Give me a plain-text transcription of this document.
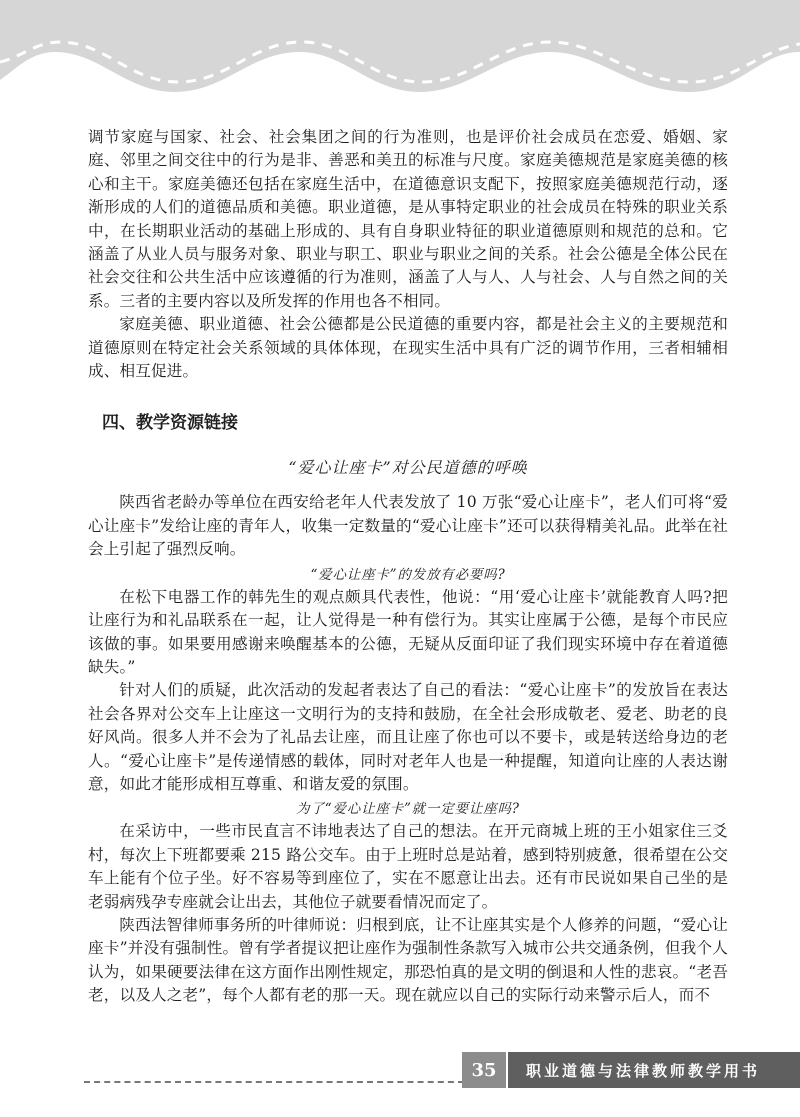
调节家庭与国家、社会、社会集团之间的行为准则，也是评价社会成员在恋爱、婚姻、家庭、邻里之间交往中的行为是非、善恶和美丑的标准与尺度。家庭美德规范是家庭美德的核心和主干。家庭美德还包括在家庭生活中，在道德意识支配下，按照家庭美德规范行动，逐渐形成的人们的道德品质和美德。职业道德，是从事特定职业的社会成员在特殊的职业关系中，在长期职业活动的基础上形成的、具有自身职业特征的职业道德原则和规范的总和。它涵盖了从业人员与服务对象、职业与职工、职业与职业之间的关系。社会公德是全体公民在社会交往和公共生活中应该遵循的行为准则，涵盖了人与人、人与社会、人与自然之间的关系。三者的主要内容以及所发挥的作用也各不相同。

家庭美德、职业道德、社会公德都是公民道德的重要内容，都是社会主义的主要规范和道德原则在特定社会关系领域的具体体现，在现实生活中具有广泛的调节作用，三者相辅相成、相互促进。

四、教学资源链接
“爱心让座卡”对公民道德的呼唤

陕西省老龄办等单位在西安给老年人代表发放了 10 万张“爱心让座卡”，老人们可将“爱心让座卡”发给让座的青年人，收集一定数量的“爱心让座卡”还可以获得精美礼品。此举在社会上引起了强烈反响。

“爱心让座卡”的发放有必要吗?

在松下电器工作的韩先生的观点颇具代表性，他说：“用‘爱心让座卡’就能教育人吗?把让座行为和礼品联系在一起，让人觉得是一种有偿行为。其实让座属于公德，是每个市民应该做的事。如果要用感谢来唤醒基本的公德，无疑从反面印证了我们现实环境中存在着道德缺失。”

针对人们的质疑，此次活动的发起者表达了自己的看法：“爱心让座卡”的发放旨在表达社会各界对公交车上让座这一文明行为的支持和鼓励，在全社会形成敬老、爱老、助老的良好风尚。很多人并不会为了礼品去让座，而且让座了你也可以不要卡，或是转送给身边的老人。“爱心让座卡”是传递情感的载体，同时对老年人也是一种提醒，知道向让座的人表达谢意，如此才能形成相互尊重、和谐友爱的氛围。

为了“爱心让座卡”就一定要让座吗?

在采访中，一些市民直言不讳地表达了自己的想法。在开元商城上班的王小姐家住三爻村，每次上下班都要乘 215 路公交车。由于上班时总是站着，感到特别疲惫，很希望在公交车上能有个位子坐。好不容易等到座位了，实在不愿意让出去。还有市民说如果自己坐的是老弱病残孕专座就会让出去，其他位子就要看情况而定了。

陕西法智律师事务所的叶律师说：归根到底，让不让座其实是个人修养的问题，“爱心让座卡”并没有强制性。曾有学者提议把让座作为强制性条款写入城市公共交通条例，但我个人认为，如果硬要法律在这方面作出刚性规定，那恐怕真的是文明的倒退和人性的悲哀。“老吾老，以及人之老”，每个人都有老的那一天。现在就应以自己的实际行动来警示后人，而不

35	职业道德与法律教师教学用书
